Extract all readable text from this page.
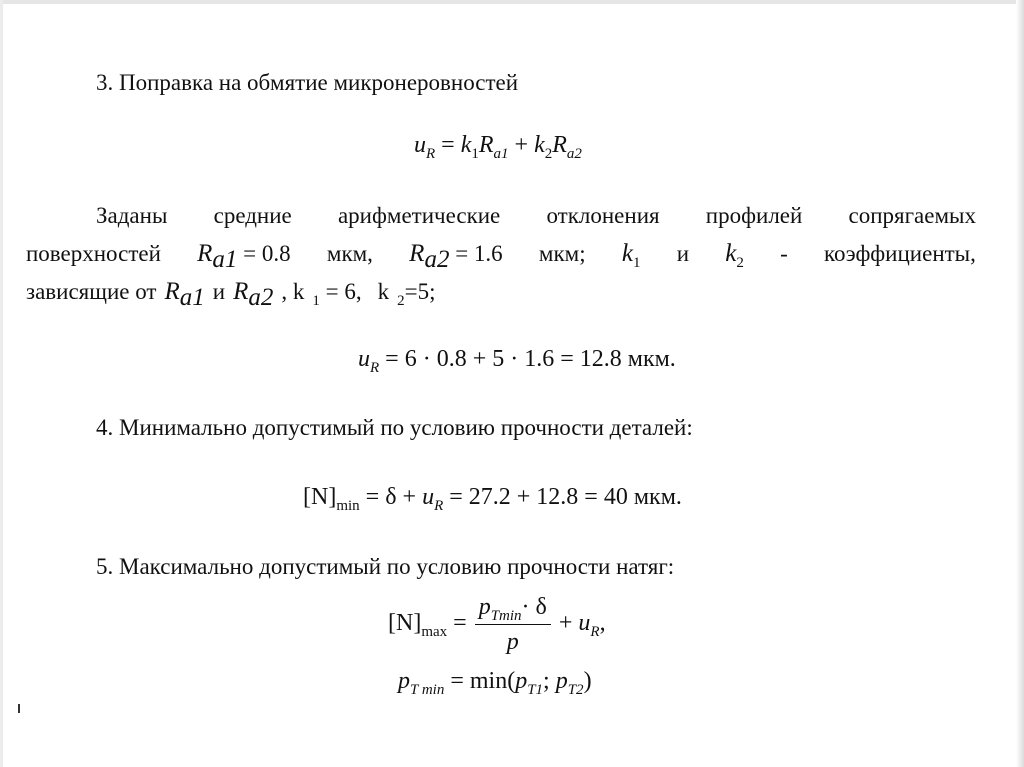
3. Поправка на обмятие микронеровностей
$u_R = k_1R_{a1} + k_2R_{a2}$
Заданы средние арифметические отклонения профилей сопрягаемых
поверхностей $R_{a1} = 0.8$ мкм, $R_{a2} = 1.6$ мкм; $k_1$ и $k_2$ - коэффициенты,
зависящие от $R_{a1}$ и $R_{a2}$ , k $_1$ = 6, k $_2$=5;
$u_R = 6 \cdot 0.8 + 5 \cdot 1.6 = 12.8$ мкм.
4. Минимально допустимый по условию прочности деталей:
$[N]_{min} = \delta + u_R = 27.2 + 12.8 = 40$ мкм.
5. Максимально допустимый по условию прочности натяг:
$[N]_{max} = \frac{p_{Tmin}\cdot \delta}{p} + u_R$,
$p_{T min} = \min(p_{T1}$; $p_{T2}$)
